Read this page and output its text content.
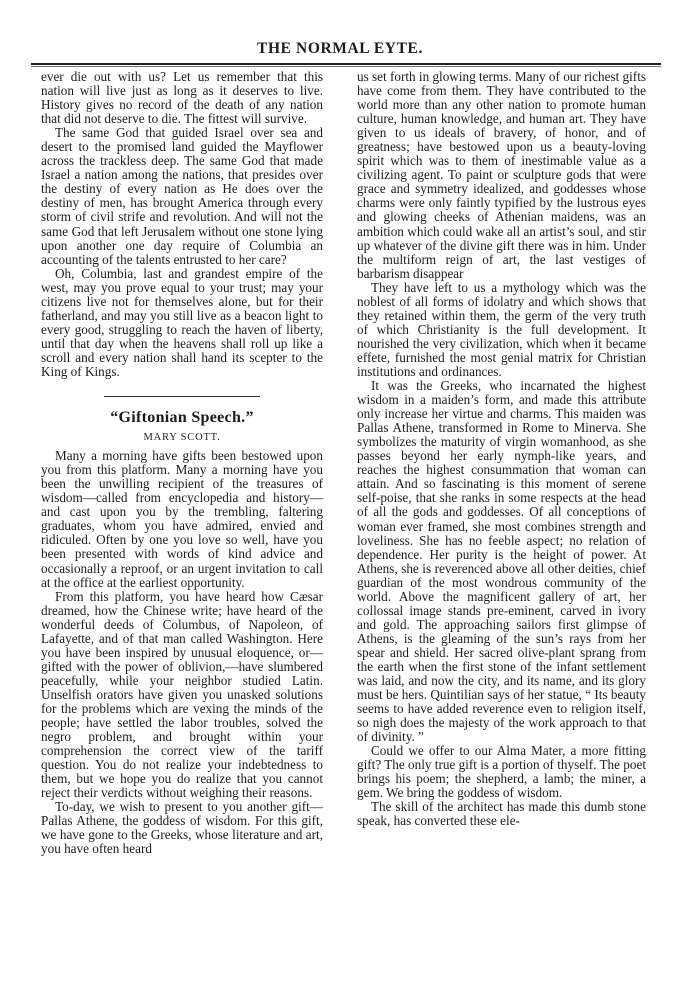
THE NORMAL EYTE.

ever die out with us? Let us remember that this nation will live just as long as it deserves to live. History gives no record of the death of any nation that did not deserve to die. The fittest will survive.

The same God that guided Israel over sea and desert to the promised land guided the Mayflower across the trackless deep. The same God that made Israel a nation among the nations, that presides over the destiny of every nation as He does over the destiny of men, has brought America through every storm of civil strife and revolution. And will not the same God that left Jerusalem without one stone lying upon another one day require of Columbia an accounting of the talents entrusted to her care?

Oh, Columbia, last and grandest empire of the west, may you prove equal to your trust; may your citizens live not for themselves alone, but for their fatherland, and may you still live as a beacon light to every good, struggling to reach the haven of liberty, until that day when the heavens shall roll up like a scroll and every nation shall hand its scepter to the King of Kings.

“Giftonian Speech.”
MARY SCOTT.

Many a morning have gifts been bestowed upon you from this platform. Many a morning have you been the unwilling recipient of the treasures of wisdom—called from encyclopedia and history—and cast upon you by the trembling, faltering graduates, whom you have admired, envied and ridiculed. Often by one you love so well, have you been presented with words of kind advice and occasionally a reproof, or an urgent invitation to call at the office at the earliest opportunity.

From this platform, you have heard how Cæsar dreamed, how the Chinese write; have heard of the wonderful deeds of Columbus, of Napoleon, of Lafayette, and of that man called Washington. Here you have been inspired by unusual eloquence, or—gifted with the power of oblivion,—have slumbered peacefully, while your neighbor studied Latin. Unselfish orators have given you unasked solutions for the problems which are vexing the minds of the people; have settled the labor troubles, solved the negro problem, and brought within your comprehension the correct view of the tariff question. You do not realize your indebtedness to them, but we hope you do realize that you cannot reject their verdicts without weighing their reasons.

To-day, we wish to present to you another gift—Pallas Athene, the goddess of wisdom. For this gift, we have gone to the Greeks, whose literature and art, you have often heard

us set forth in glowing terms. Many of our richest gifts have come from them. They have contributed to the world more than any other nation to promote human culture, human knowledge, and human art. They have given to us ideals of bravery, of honor, and of greatness; have bestowed upon us a beauty-loving spirit which was to them of inestimable value as a civilizing agent. To paint or sculpture gods that were grace and symmetry idealized, and goddesses whose charms were only faintly typified by the lustrous eyes and glowing cheeks of Athenian maidens, was an ambition which could wake all an artist’s soul, and stir up whatever of the divine gift there was in him. Under the multiform reign of art, the last vestiges of barbarism disappear

They have left to us a mythology which was the noblest of all forms of idolatry and which shows that they retained within them, the germ of the very truth of which Christianity is the full development. It nourished the very civilization, which when it became effete, furnished the most genial matrix for Christian institutions and ordinances.

It was the Greeks, who incarnated the highest wisdom in a maiden’s form, and made this attribute only increase her virtue and charms. This maiden was Pallas Athene, transformed in Rome to Minerva. She symbolizes the maturity of virgin womanhood, as she passes beyond her early nymph-like years, and reaches the highest consummation that woman can attain. And so fascinating is this moment of serene self-poise, that she ranks in some respects at the head of all the gods and goddesses. Of all conceptions of woman ever framed, she most combines strength and loveliness. She has no feeble aspect; no relation of dependence. Her purity is the height of power. At Athens, she is reverenced above all other deities, chief guardian of the most wondrous community of the world. Above the magnificent gallery of art, her collossal image stands pre-eminent, carved in ivory and gold. The approaching sailors first glimpse of Athens, is the gleaming of the sun’s rays from her spear and shield. Her sacred olive-plant sprang from the earth when the first stone of the infant settlement was laid, and now the city, and its name, and its glory must be hers. Quintilian says of her statue, “ Its beauty seems to have added reverence even to religion itself, so nigh does the majesty of the work approach to that of divinity. ”

Could we offer to our Alma Mater, a more fitting gift? The only true gift is a portion of thyself. The poet brings his poem; the shepherd, a lamb; the miner, a gem. We bring the goddess of wisdom.

The skill of the architect has made this dumb stone speak, has converted these ele-
